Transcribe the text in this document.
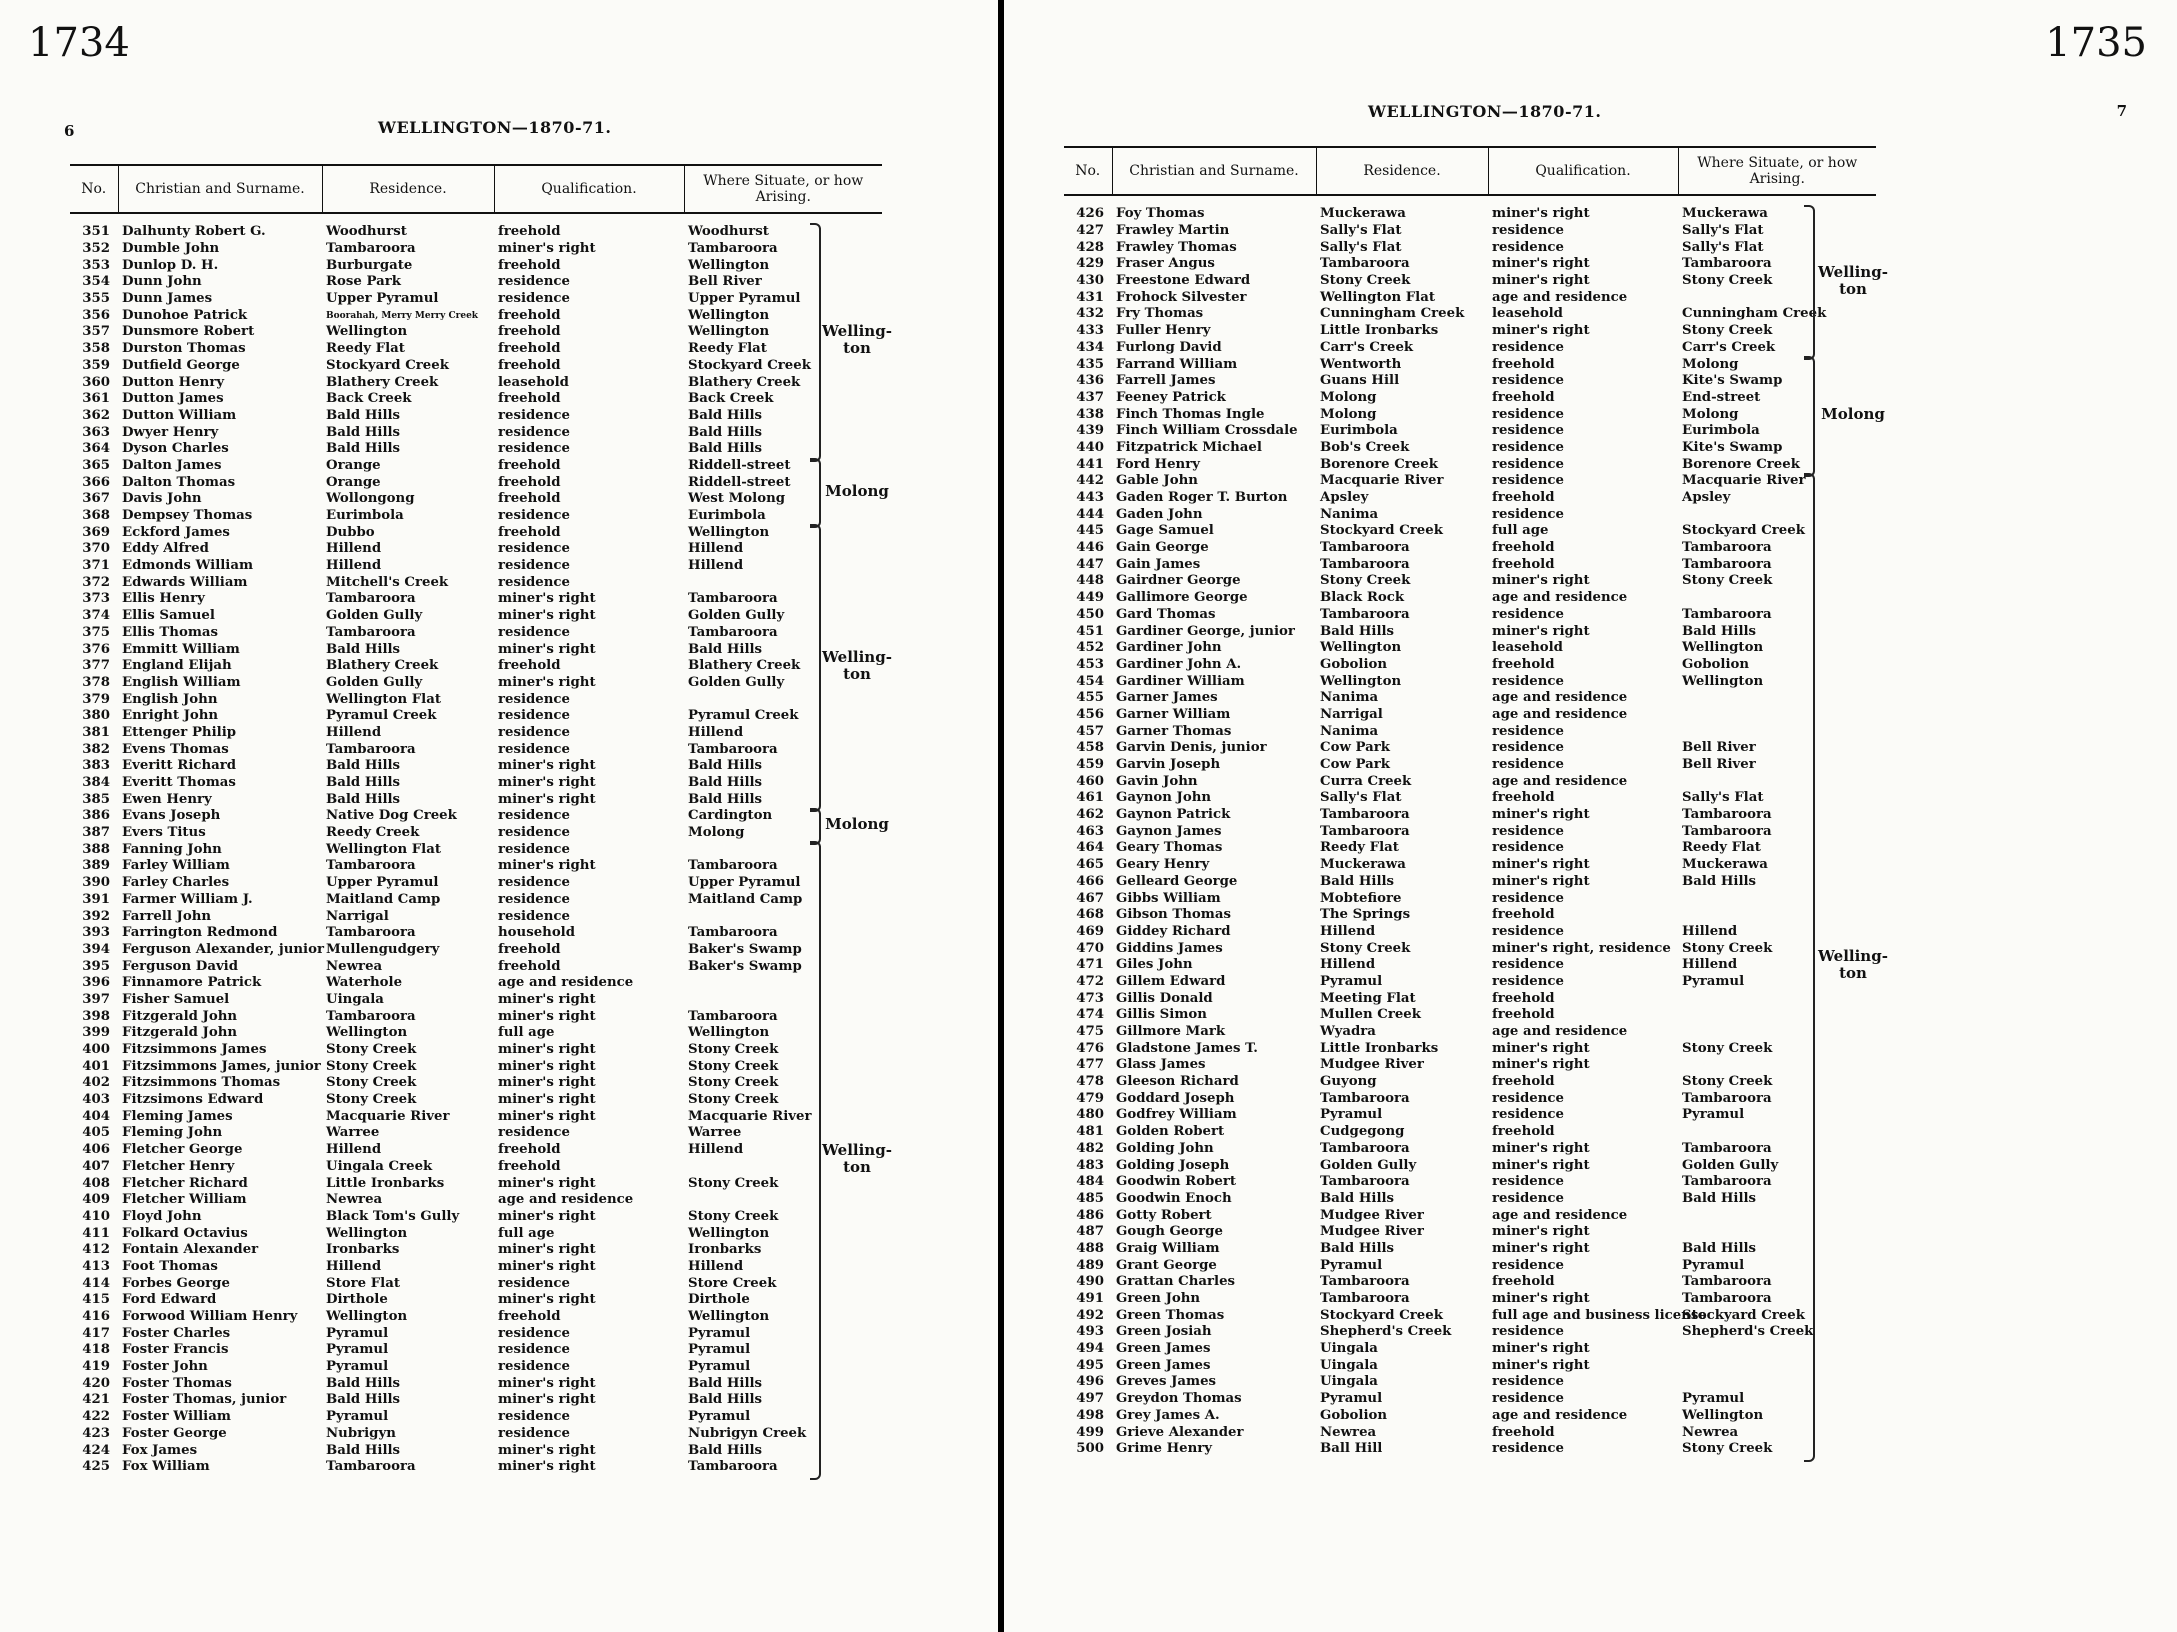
1734
6	WELLINGTON—1870-71.
No.	Christian and Surname.	Residence.	Qualification.	Where Situate, or how Arising.
351	Dalhunty Robert G.	Woodhurst	freehold	Woodhurst
352	Dumble John	Tambaroora	miner's right	Tambaroora
353	Dunlop D. H.	Burburgate	freehold	Wellington
354	Dunn John	Rose Park	residence	Bell River
355	Dunn James	Upper Pyramul	residence	Upper Pyramul
356	Dunohoe Patrick	Boorahah, Merry Merry Creek	freehold	Wellington
357	Dunsmore Robert	Wellington	freehold	Wellington
358	Durston Thomas	Reedy Flat	freehold	Reedy Flat
359	Dutfield George	Stockyard Creek	freehold	Stockyard Creek
360	Dutton Henry	Blathery Creek	leasehold	Blathery Creek
361	Dutton James	Back Creek	freehold	Back Creek
362	Dutton William	Bald Hills	residence	Bald Hills
363	Dwyer Henry	Bald Hills	residence	Bald Hills
364	Dyson Charles	Bald Hills	residence	Bald Hills
365	Dalton James	Orange	freehold	Riddell-street
366	Dalton Thomas	Orange	freehold	Riddell-street
367	Davis John	Wollongong	freehold	West Molong
368	Dempsey Thomas	Eurimbola	residence	Eurimbola
369	Eckford James	Dubbo	freehold	Wellington
370	Eddy Alfred	Hillend	residence	Hillend
371	Edmonds William	Hillend	residence	Hillend
372	Edwards William	Mitchell's Creek	residence	
373	Ellis Henry	Tambaroora	miner's right	Tambaroora
374	Ellis Samuel	Golden Gully	miner's right	Golden Gully
375	Ellis Thomas	Tambaroora	residence	Tambaroora
376	Emmitt William	Bald Hills	miner's right	Bald Hills
377	England Elijah	Blathery Creek	freehold	Blathery Creek
378	English William	Golden Gully	miner's right	Golden Gully
379	English John	Wellington Flat	residence	
380	Enright John	Pyramul Creek	residence	Pyramul Creek
381	Ettenger Philip	Hillend	residence	Hillend
382	Evens Thomas	Tambaroora	residence	Tambaroora
383	Everitt Richard	Bald Hills	miner's right	Bald Hills
384	Everitt Thomas	Bald Hills	miner's right	Bald Hills
385	Ewen Henry	Bald Hills	miner's right	Bald Hills
386	Evans Joseph	Native Dog Creek	residence	Cardington
387	Evers Titus	Reedy Creek	residence	Molong
388	Fanning John	Wellington Flat	residence	
389	Farley William	Tambaroora	miner's right	Tambaroora
390	Farley Charles	Upper Pyramul	residence	Upper Pyramul
391	Farmer William J.	Maitland Camp	residence	Maitland Camp
392	Farrell John	Narrigal	residence	
393	Farrington Redmond	Tambaroora	household	Tambaroora
394	Ferguson Alexander, junior	Mullengudgery	freehold	Baker's Swamp
395	Ferguson David	Newrea	freehold	Baker's Swamp
396	Finnamore Patrick	Waterhole	age and residence	
397	Fisher Samuel	Uingala	miner's right	
398	Fitzgerald John	Tambaroora	miner's right	Tambaroora
399	Fitzgerald John	Wellington	full age	Wellington
400	Fitzsimmons James	Stony Creek	miner's right	Stony Creek
401	Fitzsimmons James, junior	Stony Creek	miner's right	Stony Creek
402	Fitzsimmons Thomas	Stony Creek	miner's right	Stony Creek
403	Fitzsimons Edward	Stony Creek	miner's right	Stony Creek
404	Fleming James	Macquarie River	miner's right	Macquarie River
405	Fleming John	Warree	residence	Warree
406	Fletcher George	Hillend	freehold	Hillend
407	Fletcher Henry	Uingala Creek	freehold	
408	Fletcher Richard	Little Ironbarks	miner's right	Stony Creek
409	Fletcher William	Newrea	age and residence	
410	Floyd John	Black Tom's Gully	miner's right	Stony Creek
411	Folkard Octavius	Wellington	full age	Wellington
412	Fontain Alexander	Ironbarks	miner's right	Ironbarks
413	Foot Thomas	Hillend	miner's right	Hillend
414	Forbes George	Store Flat	residence	Store Creek
415	Ford Edward	Dirthole	miner's right	Dirthole
416	Forwood William Henry	Wellington	freehold	Wellington
417	Foster Charles	Pyramul	residence	Pyramul
418	Foster Francis	Pyramul	residence	Pyramul
419	Foster John	Pyramul	residence	Pyramul
420	Foster Thomas	Bald Hills	miner's right	Bald Hills
421	Foster Thomas, junior	Bald Hills	miner's right	Bald Hills
422	Foster William	Pyramul	residence	Pyramul
423	Foster George	Nubrigyn	residence	Nubrigyn Creek
424	Fox James	Bald Hills	miner's right	Bald Hills
425	Fox William	Tambaroora	miner's right	Tambaroora
Welling-
ton
Molong
Welling-
ton
Molong
Welling-
ton
1735
7
WELLINGTON—1870-71.
No.	Christian and Surname.	Residence.	Qualification.	Where Situate, or how Arising.
426	Foy Thomas	Muckerawa	miner's right	Muckerawa
427	Frawley Martin	Sally's Flat	residence	Sally's Flat
428	Frawley Thomas	Sally's Flat	residence	Sally's Flat
429	Fraser Angus	Tambaroora	miner's right	Tambaroora
430	Freestone Edward	Stony Creek	miner's right	Stony Creek
431	Frohock Silvester	Wellington Flat	age and residence	
432	Fry Thomas	Cunningham Creek	leasehold	Cunningham Creek
433	Fuller Henry	Little Ironbarks	miner's right	Stony Creek
434	Furlong David	Carr's Creek	residence	Carr's Creek
435	Farrand William	Wentworth	freehold	Molong
436	Farrell James	Guans Hill	residence	Kite's Swamp
437	Feeney Patrick	Molong	freehold	End-street
438	Finch Thomas Ingle	Molong	residence	Molong
439	Finch William Crossdale	Eurimbola	residence	Eurimbola
440	Fitzpatrick Michael	Bob's Creek	residence	Kite's Swamp
441	Ford Henry	Borenore Creek	residence	Borenore Creek
442	Gable John	Macquarie River	residence	Macquarie River
443	Gaden Roger T. Burton	Apsley	freehold	Apsley
444	Gaden John	Nanima	residence	
445	Gage Samuel	Stockyard Creek	full age	Stockyard Creek
446	Gain George	Tambaroora	freehold	Tambaroora
447	Gain James	Tambaroora	freehold	Tambaroora
448	Gairdner George	Stony Creek	miner's right	Stony Creek
449	Gallimore George	Black Rock	age and residence	
450	Gard Thomas	Tambaroora	residence	Tambaroora
451	Gardiner George, junior	Bald Hills	miner's right	Bald Hills
452	Gardiner John	Wellington	leasehold	Wellington
453	Gardiner John A.	Gobolion	freehold	Gobolion
454	Gardiner William	Wellington	residence	Wellington
455	Garner James	Nanima	age and residence	
456	Garner William	Narrigal	age and residence	
457	Garner Thomas	Nanima	residence	
458	Garvin Denis, junior	Cow Park	residence	Bell River
459	Garvin Joseph	Cow Park	residence	Bell River
460	Gavin John	Curra Creek	age and residence	
461	Gaynon John	Sally's Flat	freehold	Sally's Flat
462	Gaynon Patrick	Tambaroora	miner's right	Tambaroora
463	Gaynon James	Tambaroora	residence	Tambaroora
464	Geary Thomas	Reedy Flat	residence	Reedy Flat
465	Geary Henry	Muckerawa	miner's right	Muckerawa
466	Gelleard George	Bald Hills	miner's right	Bald Hills
467	Gibbs William	Mobtefiore	residence	
468	Gibson Thomas	The Springs	freehold	
469	Giddey Richard	Hillend	residence	Hillend
470	Giddins James	Stony Creek	miner's right, residence	Stony Creek
471	Giles John	Hillend	residence	Hillend
472	Gillem Edward	Pyramul	residence	Pyramul
473	Gillis Donald	Meeting Flat	freehold	
474	Gillis Simon	Mullen Creek	freehold	
475	Gillmore Mark	Wyadra	age and residence	
476	Gladstone James T.	Little Ironbarks	miner's right	Stony Creek
477	Glass James	Mudgee River	miner's right	
478	Gleeson Richard	Guyong	freehold	Stony Creek
479	Goddard Joseph	Tambaroora	residence	Tambaroora
480	Godfrey William	Pyramul	residence	Pyramul
481	Golden Robert	Cudgegong	freehold	
482	Golding John	Tambaroora	miner's right	Tambaroora
483	Golding Joseph	Golden Gully	miner's right	Golden Gully
484	Goodwin Robert	Tambaroora	residence	Tambaroora
485	Goodwin Enoch	Bald Hills	residence	Bald Hills
486	Gotty Robert	Mudgee River	age and residence	
487	Gough George	Mudgee River	miner's right	
488	Graig William	Bald Hills	miner's right	Bald Hills
489	Grant George	Pyramul	residence	Pyramul
490	Grattan Charles	Tambaroora	freehold	Tambaroora
491	Green John	Tambaroora	miner's right	Tambaroora
492	Green Thomas	Stockyard Creek	full age and business license	Stockyard Creek
493	Green Josiah	Shepherd's Creek	residence	Shepherd's Creek
494	Green James	Uingala	miner's right	
495	Green James	Uingala	miner's right	
496	Greves James	Uingala	residence	
497	Greydon Thomas	Pyramul	residence	Pyramul
498	Grey James A.	Gobolion	age and residence	Wellington
499	Grieve Alexander	Newrea	freehold	Newrea
500	Grime Henry	Ball Hill	residence	Stony Creek
Welling-
ton
Molong
Welling-
ton
